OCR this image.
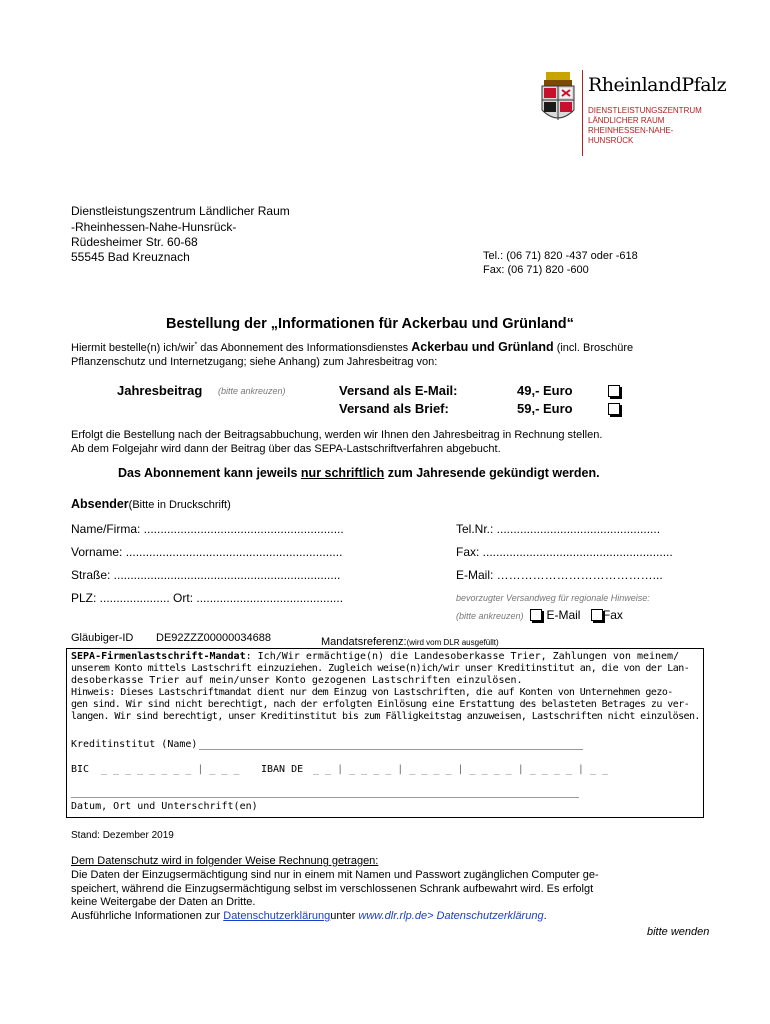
RheinlandPfalz
DIENSTLEISTUNGSZENTRUM
LÄNDLICHER RAUM
RHEINHESSEN-NAHE-
HUNSRÜCK
Dienstleistungszentrum Ländlicher Raum
-Rheinhessen-Nahe-Hunsrück-
Rüdesheimer Str. 60-68
55545 Bad Kreuznach	Tel.: (06 71) 820 -437 oder -618
Fax: (06 71) 820 -600
Bestellung der „Informationen für Ackerbau und Grünland“
Hiermit bestelle(n) ich/wir* das Abonnement des Informationsdienstes Ackerbau und Grünland (incl. Broschüre
Pflanzenschutz und Internetzugang; siehe Anhang) zum Jahresbeitrag von:
Jahresbeitrag (bitte ankreuzen)	Versand als E-Mail:	49,- Euro
Versand als Brief:	59,- Euro
Erfolgt die Bestellung nach der Beitragsabbuchung, werden wir Ihnen den Jahresbeitrag in Rechnung stellen.
Ab dem Folgejahr wird dann der Beitrag über das SEPA-Lastschriftverfahren abgebucht.
Das Abonnement kann jeweils nur schriftlich zum Jahresende gekündigt werden.
Absender(Bitte in Druckschrift)
Name/Firma: ............................................................
Vorname: .................................................................
Straße: ....................................................................
PLZ: ..................... Ort: ............................................
Tel.Nr.: .................................................
Fax: .........................................................
E-Mail: …………………………………...
bevorzugter Versandweg für regionale Hinweise:
(bitte ankreuzen) E-Mail Fax
Gläubiger-ID DE92ZZZ00000034688	Mandatsreferenz:(wird vom DLR ausgefüllt)
SEPA-Firmenlastschrift-Mandat: Ich/Wir ermächtige(n) die Landesoberkasse Trier, Zahlungen von meinem/
unserem Konto mittels Lastschrift einzuziehen. Zugleich weise(n)ich/wir unser Kreditinstitut an, die von der Lan-
desoberkasse Trier auf mein/unser Konto gezogenen Lastschriften einzulösen.
Hinweis: Dieses Lastschriftmandat dient nur dem Einzug von Lastschriften, die auf Konten von Unternehmen gezo-
gen sind. Wir sind nicht berechtigt, nach der erfolgten Einlösung eine Erstattung des belasteten Betrages zu ver-
langen. Wir sind berechtigt, unser Kreditinstitut bis zum Fälligkeitstag anzuweisen, Lastschriften nicht einzulösen.
Kreditinstitut (Name)
BIC _ _ _ _ _ _ _ _ | _ _ _ IBAN DE _ _ | _ _ _ _ | _ _ _ _ | _ _ _ _ | _ _ _ _ | _ _
Datum, Ort und Unterschrift(en)
Stand: Dezember 2019
Dem Datenschutz wird in folgender Weise Rechnung getragen:
Die Daten der Einzugsermächtigung sind nur in einem mit Namen und Passwort zugänglichen Computer ge-
speichert, während die Einzugsermächtigung selbst im verschlossenen Schrank aufbewahrt wird. Es erfolgt
keine Weitergabe der Daten an Dritte.
Ausführliche Informationen zur Datenschutzerklärungunter www.dlr.rlp.de> Datenschutzerklärung.
bitte wenden
